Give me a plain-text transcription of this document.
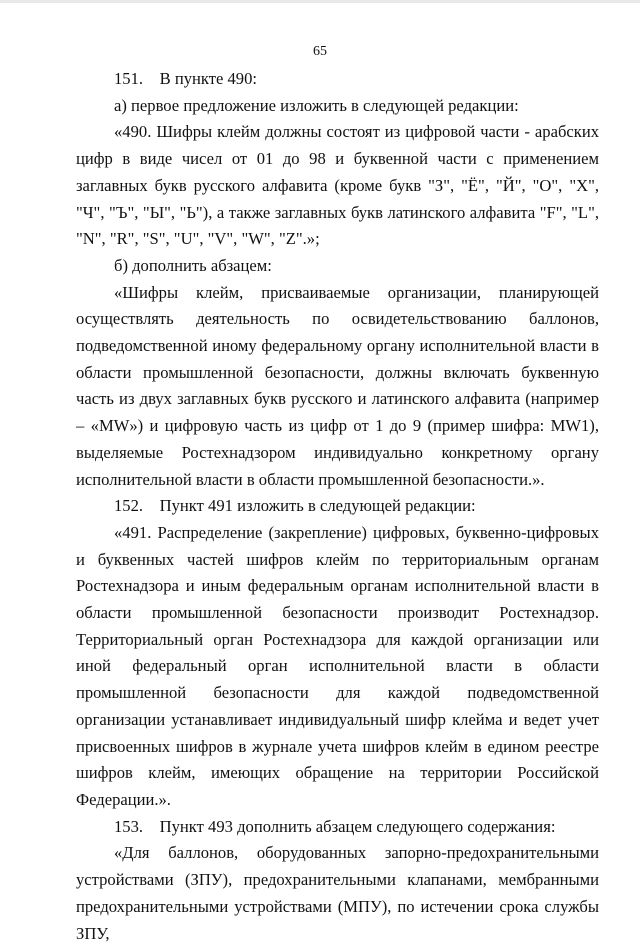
65

151. В пункте 490:

а) первое предложение изложить в следующей редакции:

«490. Шифры клейм должны состоят из цифровой части - арабских цифр в виде чисел от 01 до 98 и буквенной части с применением заглавных букв русского алфавита (кроме букв "З", "Ё", "Й", "О", "Х", "Ч", "Ъ", "Ы", "Ь"), а также заглавных букв латинского алфавита "F", "L", "N", "R", "S", "U", "V", "W", "Z".»;

б) дополнить абзацем:

«Шифры клейм, присваиваемые организации, планирующей осуществлять деятельность по освидетельствованию баллонов, подведомственной иному федеральному органу исполнительной власти в области промышленной безопасности, должны включать буквенную часть из двух заглавных букв русского и латинского алфавита (например – «MW») и цифровую часть из цифр от 1 до 9 (пример шифра: MW1), выделяемые Ростехнадзором индивидуально конкретному органу исполнительной власти в области промышленной безопасности.».

152. Пункт 491 изложить в следующей редакции:

«491. Распределение (закрепление) цифровых, буквенно-цифровых и буквенных частей шифров клейм по территориальным органам Ростехнадзора и иным федеральным органам исполнительной власти в области промышленной безопасности производит Ростехнадзор. Территориальный орган Ростехнадзора для каждой организации или иной федеральный орган исполнительной власти в области промышленной безопасности для каждой подведомственной организации устанавливает индивидуальный шифр клейма и ведет учет присвоенных шифров в журнале учета шифров клейм в едином реестре шифров клейм, имеющих обращение на территории Российской Федерации.».

153. Пункт 493 дополнить абзацем следующего содержания:

«Для баллонов, оборудованных запорно-предохранительными устройствами (ЗПУ), предохранительными клапанами, мембранными предохранительными устройствами (МПУ), по истечении срока службы ЗПУ,
